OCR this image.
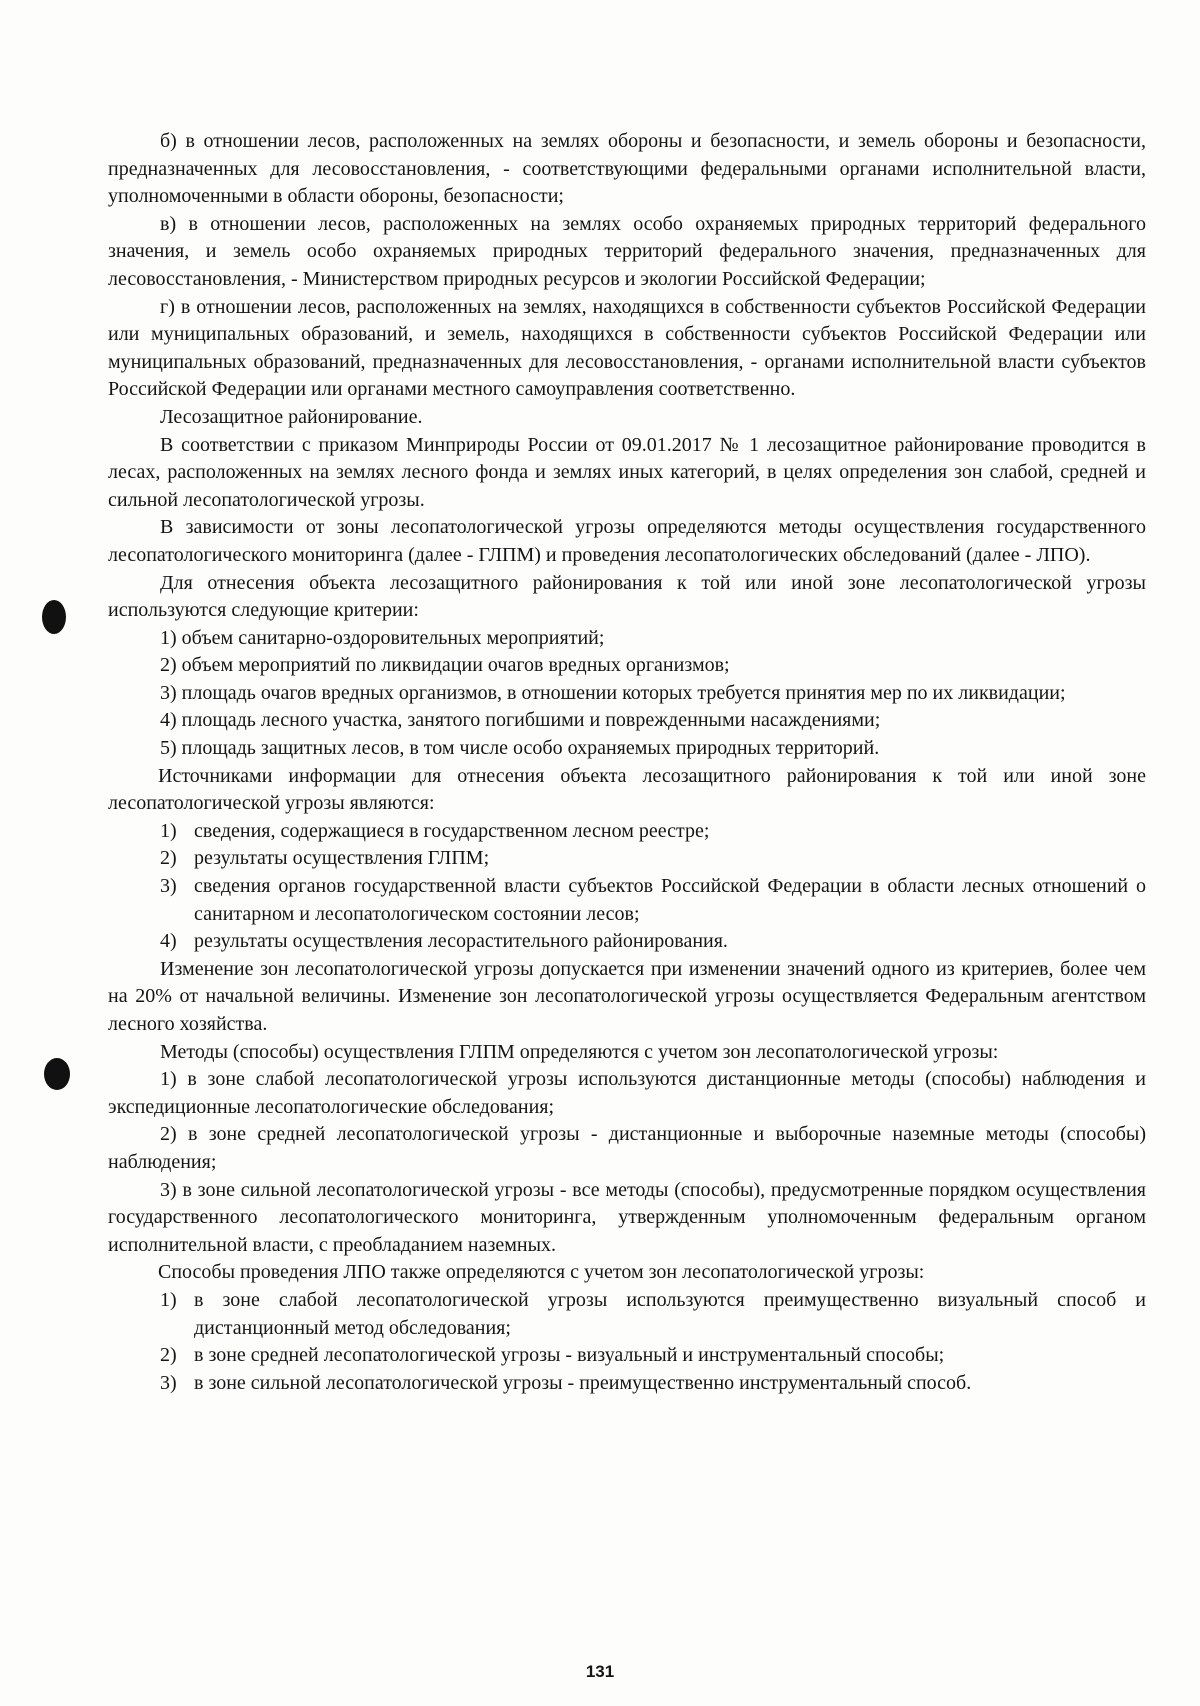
б) в отношении лесов, расположенных на землях обороны и безопасности, и земель обороны и безопасности, предназначенных для лесовосстановления, - соответствующими федеральными органами исполнительной власти, уполномоченными в области обороны, безопасности;

в) в отношении лесов, расположенных на землях особо охраняемых природных территорий федерального значения, и земель особо охраняемых природных территорий федерального значения, предназначенных для лесовосстановления, - Министерством природных ресурсов и экологии Российской Федерации;

г) в отношении лесов, расположенных на землях, находящихся в собственности субъектов Российской Федерации или муниципальных образований, и земель, находящихся в собственности субъектов Российской Федерации или муниципальных образований, предназначенных для лесовосстановления, - органами исполнительной власти субъектов Российской Федерации или органами местного самоуправления соответственно.

Лесозащитное районирование.

В соответствии с приказом Минприроды России от 09.01.2017 № 1 лесозащитное районирование проводится в лесах, расположенных на землях лесного фонда и землях иных категорий, в целях определения зон слабой, средней и сильной лесопатологической угрозы.

В зависимости от зоны лесопатологической угрозы определяются методы осуществления государственного лесопатологического мониторинга (далее - ГЛПМ) и проведения лесопатологических обследований (далее - ЛПО).

Для отнесения объекта лесозащитного районирования к той или иной зоне лесопатологической угрозы используются следующие критерии:

1) объем санитарно-оздоровительных мероприятий;

2) объем мероприятий по ликвидации очагов вредных организмов;

3) площадь очагов вредных организмов, в отношении которых требуется принятия мер по их ликвидации;

4) площадь лесного участка, занятого погибшими и поврежденными насаждениями;

5) площадь защитных лесов, в том числе особо охраняемых природных территорий.

Источниками информации для отнесения объекта лесозащитного районирования к той или иной зоне лесопатологической угрозы являются:

1) сведения, содержащиеся в государственном лесном реестре;
2) результаты осуществления ГЛПМ;
3) сведения органов государственной власти субъектов Российской Федерации в области лесных отношений о санитарном и лесопатологическом состоянии лесов;
4) результаты осуществления лесорастительного районирования.

Изменение зон лесопатологической угрозы допускается при изменении значений одного из критериев, более чем на 20% от начальной величины. Изменение зон лесопатологической угрозы осуществляется Федеральным агентством лесного хозяйства.

Методы (способы) осуществления ГЛПМ определяются с учетом зон лесопатологической угрозы:

1) в зоне слабой лесопатологической угрозы используются дистанционные методы (способы) наблюдения и экспедиционные лесопатологические обследования;

2) в зоне средней лесопатологической угрозы - дистанционные и выборочные наземные методы (способы) наблюдения;

3) в зоне сильной лесопатологической угрозы - все методы (способы), предусмотренные порядком осуществления государственного лесопатологического мониторинга, утвержденным уполномоченным федеральным органом исполнительной власти, с преобладанием наземных.

Способы проведения ЛПО также определяются с учетом зон лесопатологической угрозы:

1) в зоне слабой лесопатологической угрозы используются преимущественно визуальный способ и дистанционный метод обследования;
2) в зоне средней лесопатологической угрозы - визуальный и инструментальный способы;
3) в зоне сильной лесопатологической угрозы - преимущественно инструментальный способ.
131
